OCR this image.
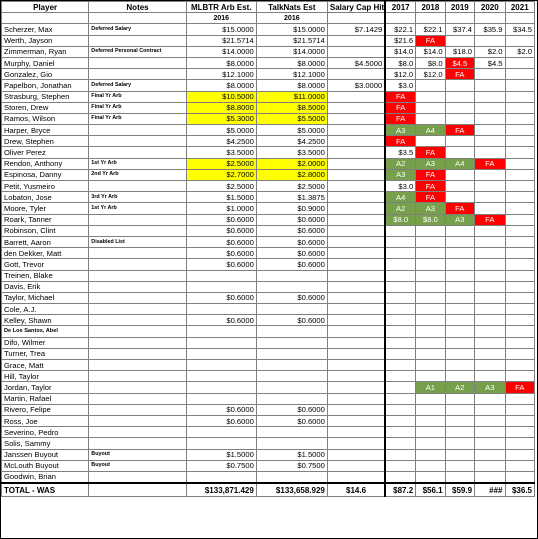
Player	Notes	MLBTR Arb Est.	TalkNats Est	Salary Cap Hit	2017	2018	2019	2020	2021
		2016	2016						
Scherzer, Max	Deferred Salary	$15.0000	$15.0000	$7.1429	$22.1	$22.1	$37.4	$35.9	$34.5
Werth, Jayson		$21.5714	$21.5714		$21.6	FA			
Zimmerman, Ryan	Deferred Personal Contract	$14.0000	$14.0000		$14.0	$14.0	$18.0	$2.0	$2.0
Murphy, Daniel		$8.0000	$8.0000	$4.5000	$8.0	$8.0	$4.5	$4.5	
Gonzalez, Gio		$12.1000	$12.1000		$12.0	$12.0	FA		
Papelbon, Jonathan	Deferred Salary	$8.0000	$8.0000	$3.0000	$3.0				
Strasburg, Stephen	Final Yr Arb	$10.5000	$11.0000		FA				
Storen, Drew	Final Yr Arb	$8.8000	$8.5000		FA				
Ramos, Wilson	Final Yr Arb	$5.3000	$5.5000		FA				
Harper, Bryce		$5.0000	$5.0000		A3	A4	FA		
Drew, Stephen		$4.2500	$4.2500		FA				
Oliver Perez		$3.5000	$3.5000		$3.5	FA			
Rendon, Anthony	1st Yr Arb	$2.5000	$2.0000		A2	A3	A4	FA	
Espinosa, Danny	2nd Yr Arb	$2.7000	$2.8000		A3	FA			
Petit, Yusmeiro		$2.5000	$2.5000		$3.0	FA			
Lobaton, Jose	3rd Yr Arb	$1.5000	$1.3875		A4	FA			
Moore, Tyler	1st Yr Arb	$1.0000	$0.9000		A2	A3	FA		
Roark, Tanner		$0.6000	$0.6000		$8.0	$8.0	A3	FA	
Robinson, Clint		$0.6000	$0.6000						
Barrett, Aaron	Disabled List	$0.6000	$0.6000						
den Dekker, Matt		$0.6000	$0.6000						
Gott, Trevor		$0.6000	$0.6000						
Treinen, Blake									
Davis, Erik									
Taylor, Michael		$0.6000	$0.6000						
Cole, A.J.									
Kelley, Shawn		$0.6000	$0.6000						
De Los Santos, Abel									
Difo, Wilmer									
Turner, Trea									
Grace, Matt									
Hill, Taylor									
Jordan, Taylor						A1	A2	A3	FA
Martin, Rafael									
Rivero, Felipe		$0.6000	$0.6000						
Ross, Joe		$0.6000	$0.6000						
Severino, Pedro									
Solis, Sammy									
Janssen Buyout	Buyout	$1.5000	$1.5000						
McLouth Buyout	Buyout	$0.7500	$0.7500						
Goodwin, Brian									
TOTAL - WAS		$133,871.429	$133,658.929	$14.6	$87.2	$56.1	$59.9	###	$36.5
